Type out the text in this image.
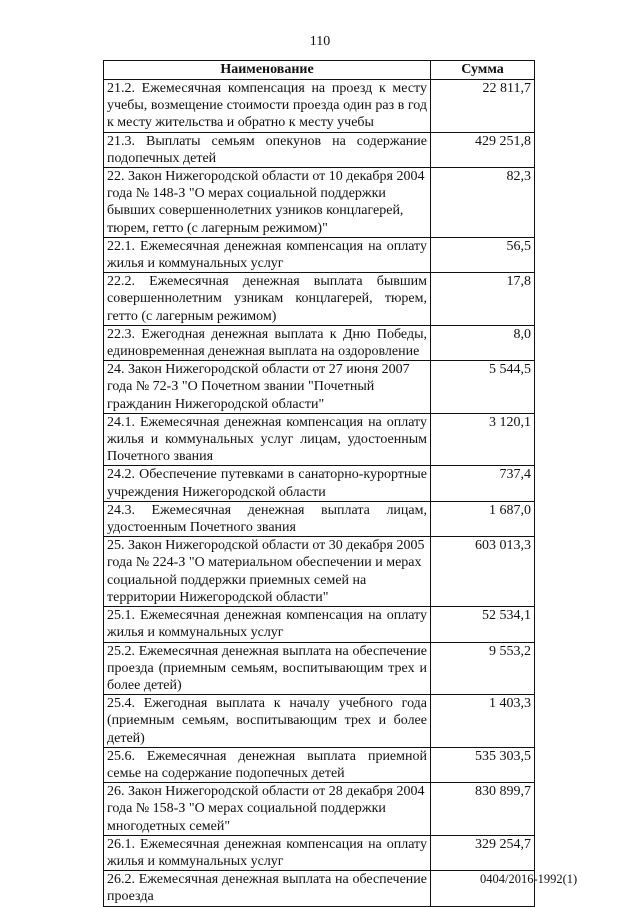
110
Наименование	Сумма
21.2. Ежемесячная компенсация на проезд к месту учебы, возмещение стоимости проезда один раз в год к месту жительства и обратно к месту учебы	22 811,7
21.3. Выплаты семьям опекунов на содержание подопечных детей	429 251,8
22. Закон Нижегородской области от 10 декабря 2004 года № 148-З "О мерах социальной поддержки бывших совершеннолетних узников концлагерей, тюрем, гетто (с лагерным режимом)"	82,3
22.1. Ежемесячная денежная компенсация на оплату жилья и коммунальных услуг	56,5
22.2. Ежемесячная денежная выплата бывшим совершеннолетним узникам концлагерей, тюрем, гетто (с лагерным режимом)	17,8
22.3. Ежегодная денежная выплата к Дню Победы, единовременная денежная выплата на оздоровление	8,0
24. Закон Нижегородской области от 27 июня 2007 года № 72-З "О Почетном звании "Почетный гражданин Нижегородской области"	5 544,5
24.1. Ежемесячная денежная компенсация на оплату жилья и коммунальных услуг лицам, удостоенным Почетного звания	3 120,1
24.2. Обеспечение путевками в санаторно-курортные учреждения Нижегородской области	737,4
24.3. Ежемесячная денежная выплата лицам, удостоенным Почетного звания	1 687,0
25. Закон Нижегородской области от 30 декабря 2005 года № 224-З "О материальном обеспечении и мерах социальной поддержки приемных семей на территории Нижегородской области"	603 013,3
25.1. Ежемесячная денежная компенсация на оплату жилья и коммунальных услуг	52 534,1
25.2. Ежемесячная денежная выплата на обеспечение проезда (приемным семьям, воспитывающим трех и более детей)	9 553,2
25.4. Ежегодная выплата к началу учебного года (приемным семьям, воспитывающим трех и более детей)	1 403,3
25.6. Ежемесячная денежная выплата приемной семье на содержание подопечных детей	535 303,5
26. Закон Нижегородской области от 28 декабря 2004 года № 158-З "О мерах социальной поддержки многодетных семей"	830 899,7
26.1. Ежемесячная денежная компенсация на оплату жилья и коммунальных услуг	329 254,7
26.2. Ежемесячная денежная выплата на обеспечение проезда	
0404/2016-1992(1)
